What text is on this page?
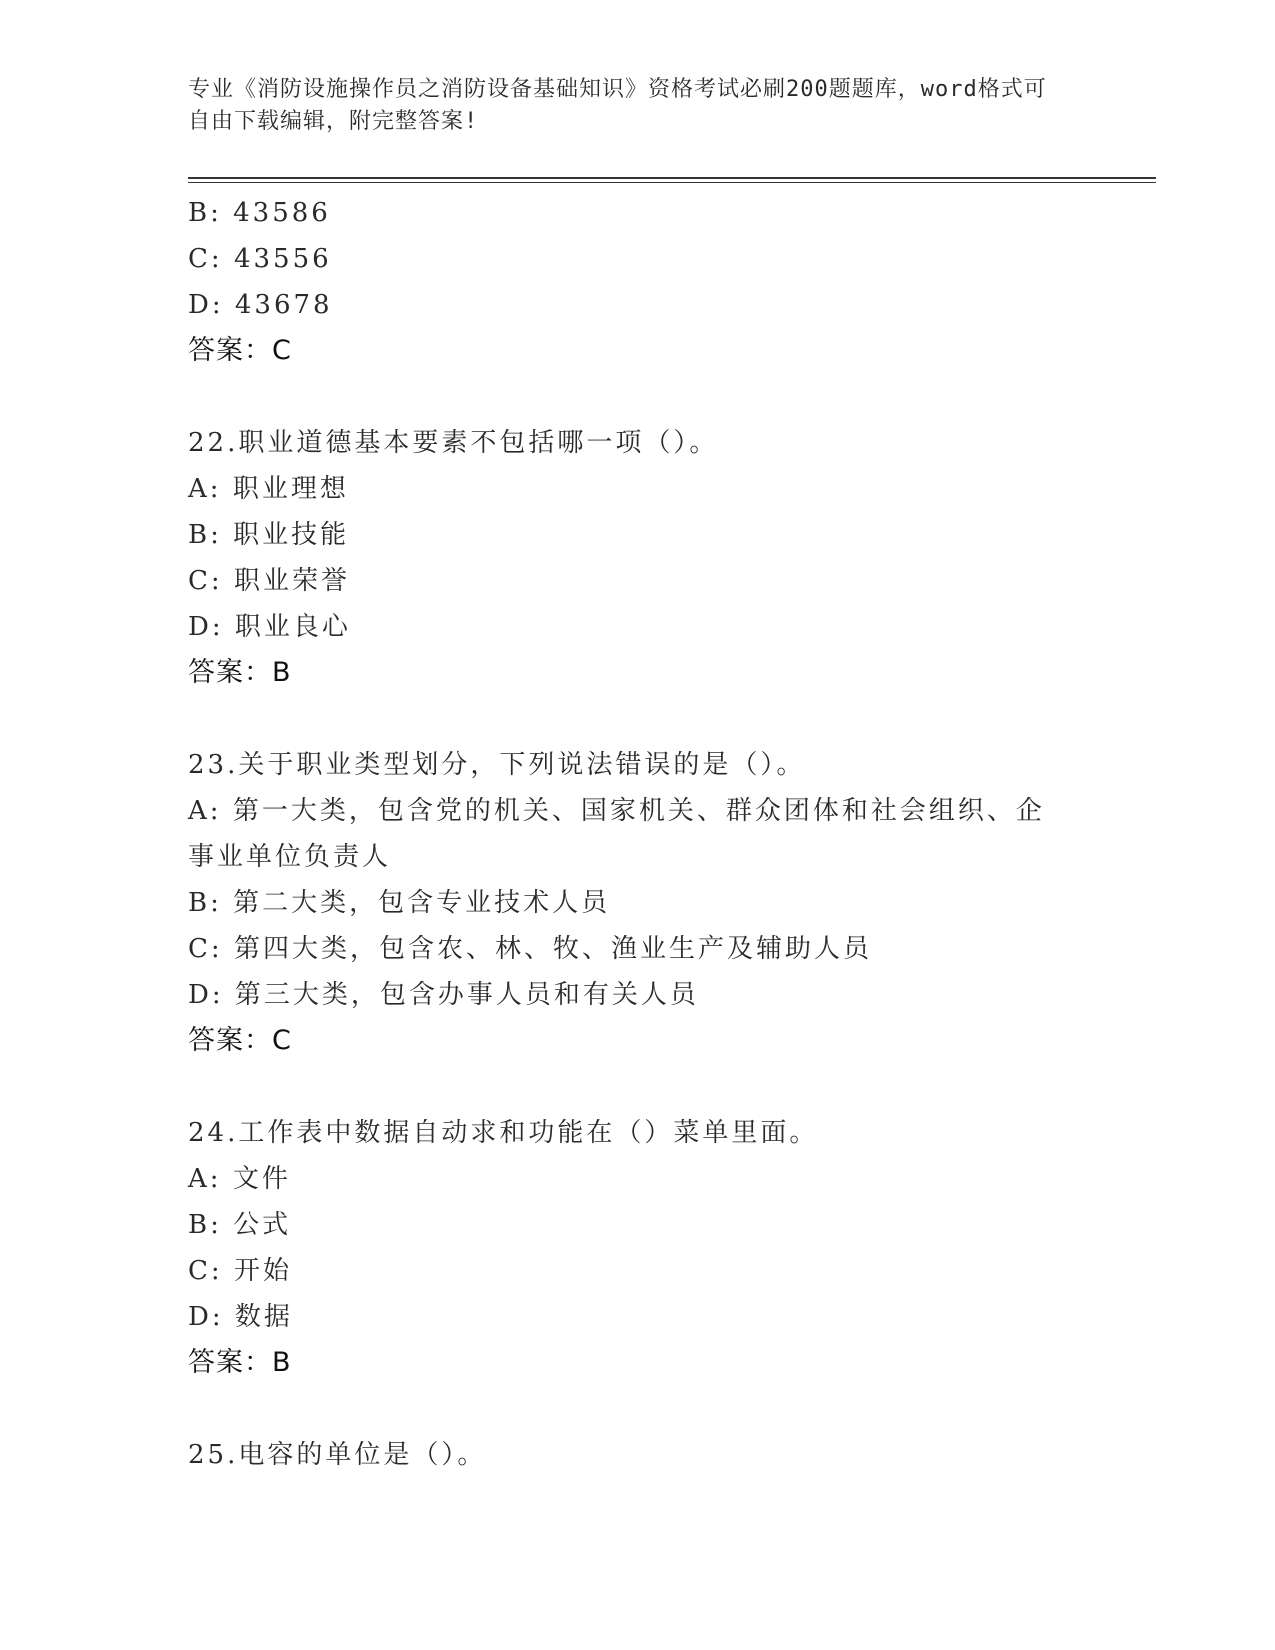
专业《消防设施操作员之消防设备基础知识》资格考试必刷200题题库，word格式可自由下载编辑，附完整答案!

B: 43586

C: 43556

D: 43678

答案：C

22.职业道德基本要素不包括哪一项（）。

A: 职业理想

B: 职业技能

C: 职业荣誉

D: 职业良心

答案：B

23.关于职业类型划分，下列说法错误的是（）。

A: 第一大类，包含党的机关、国家机关、群众团体和社会组织、企事业单位负责人

B: 第二大类，包含专业技术人员

C: 第四大类，包含农、林、牧、渔业生产及辅助人员

D: 第三大类，包含办事人员和有关人员

答案：C

24.工作表中数据自动求和功能在（）菜单里面。

A: 文件

B: 公式

C: 开始

D: 数据

答案：B

25.电容的单位是（）。
